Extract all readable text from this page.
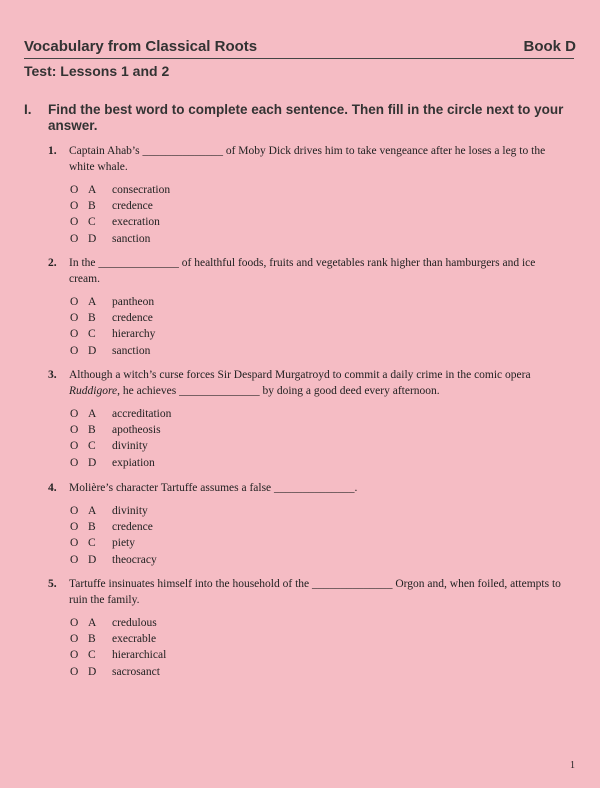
Vocabulary from Classical Roots	Book D
Test: Lessons 1 and 2
I.	Find the best word to complete each sentence. Then fill in the circle next to your answer.
1.	Captain Ahab’s ______________ of Moby Dick drives him to take vengeance after he loses a leg to the white whale.
O A	consecration
O B	credence
O C	execration
O D	sanction
2.	In the ______________ of healthful foods, fruits and vegetables rank higher than hamburgers and ice cream.
O A	pantheon
O B	credence
O C	hierarchy
O D	sanction
3.	Although a witch’s curse forces Sir Despard Murgatroyd to commit a daily crime in the comic opera Ruddigore, he achieves ______________ by doing a good deed every afternoon.
O A	accreditation
O B	apotheosis
O C	divinity
O D	expiation
4.	Molière’s character Tartuffe assumes a false ______________.
O A	divinity
O B	credence
O C	piety
O D	theocracy
5.	Tartuffe insinuates himself into the household of the ______________ Orgon and, when foiled, attempts to ruin the family.
O A	credulous
O B	execrable
O C	hierarchical
O D	sacrosanct
1
